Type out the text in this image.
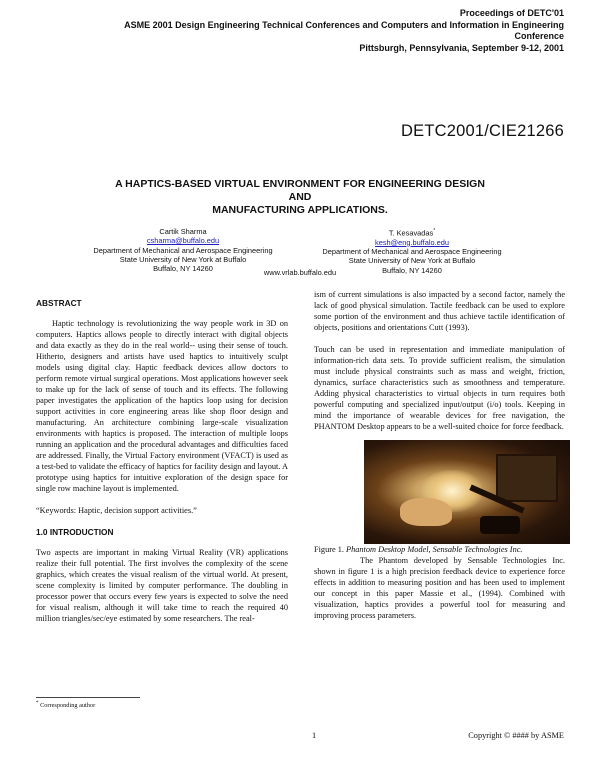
Proceedings of DETC'01
ASME 2001 Design Engineering Technical Conferences and Computers and Information in Engineering
Conference
Pittsburgh, Pennsylvania, September 9-12, 2001
DETC2001/CIE21266
A HAPTICS-BASED VIRTUAL ENVIRONMENT FOR ENGINEERING DESIGN AND
MANUFACTURING APPLICATIONS.
Cartik Sharma
csharma@buffalo.edu
Department of Mechanical and Aerospace Engineering
State University of New York at Buffalo
Buffalo, NY 14260
T. Kesavadas*
kesh@eng.buffalo.edu
Department of Mechanical and Aerospace Engineering
State University of New York at Buffalo
Buffalo, NY 14260
www.vrlab.buffalo.edu
ABSTRACT

Haptic technology is revolutionizing the way people work in 3D on computers. Haptics allows people to directly interact with digital objects and data exactly as they do in the real world-- using their sense of touch. Hitherto, designers and artists have used haptics to intuitively sculpt models using digital clay. Haptic feedback devices allow doctors to perform remote virtual surgical operations. Most applications however seek to make up for the lack of sense of touch and its effects. The following paper investigates the application of the haptics loop using for decision support activities in core engineering areas like shop floor design and manufacturing. An architecture combining large-scale visualization environments with haptics is proposed. The interaction of multiple loops running an application and the procedural advantages and difficulties faced are addressed. Finally, the Virtual Factory environment (VFACT) is used as a test-bed to validate the efficacy of haptics for facility design and layout. A prototype using haptics for intuitive exploration of the design space for single row machine layout is implemented.

“Keywords: Haptic, decision support activities.”

1.0 INTRODUCTION

Two aspects are important in making Virtual Reality (VR) applications realize their full potential. The first involves the complexity of the scene graphics, which creates the visual realism of the virtual world. At present, scene complexity is limited by computer performance. The doubling in processor power that occurs every few years is expected to solve the need for visual realism, although it will take time to reach the required 40 million triangles/sec/eye estimated by some researchers. The real-

ism of current simulations is also impacted by a second factor, namely the lack of good physical simulation. Tactile feedback can be used to explore some portion of the environment and thus achieve tactile identification of objects, positions and orientations Cutt (1993).

Touch can be used in representation and immediate manipulation of information-rich data sets. To provide sufficient realism, the simulation must include physical constraints such as mass and weight, friction, dynamics, surface characteristics such as smoothness and temperature. Adding physical characteristics to virtual objects in turn requires both powerful computing and specialized input/output (i/o) tools. Keeping in mind the importance of wearable devices for free navigation, the PHANTOM Desktop appears to be a well-suited choice for force feedback.

Figure 1. Phantom Desktop Model, Sensable Technologies Inc.

The Phantom developed by Sensable Technologies Inc. shown in figure 1 is a high precision feedback device to experience force effects in addition to measuring position and has been used to implement our concept in this paper Massie et al., (1994). Combined with visualization, haptics provides a powerful tool for measuring and improving process parameters.

* Corresponding author
1	Copyright © #### by ASME
